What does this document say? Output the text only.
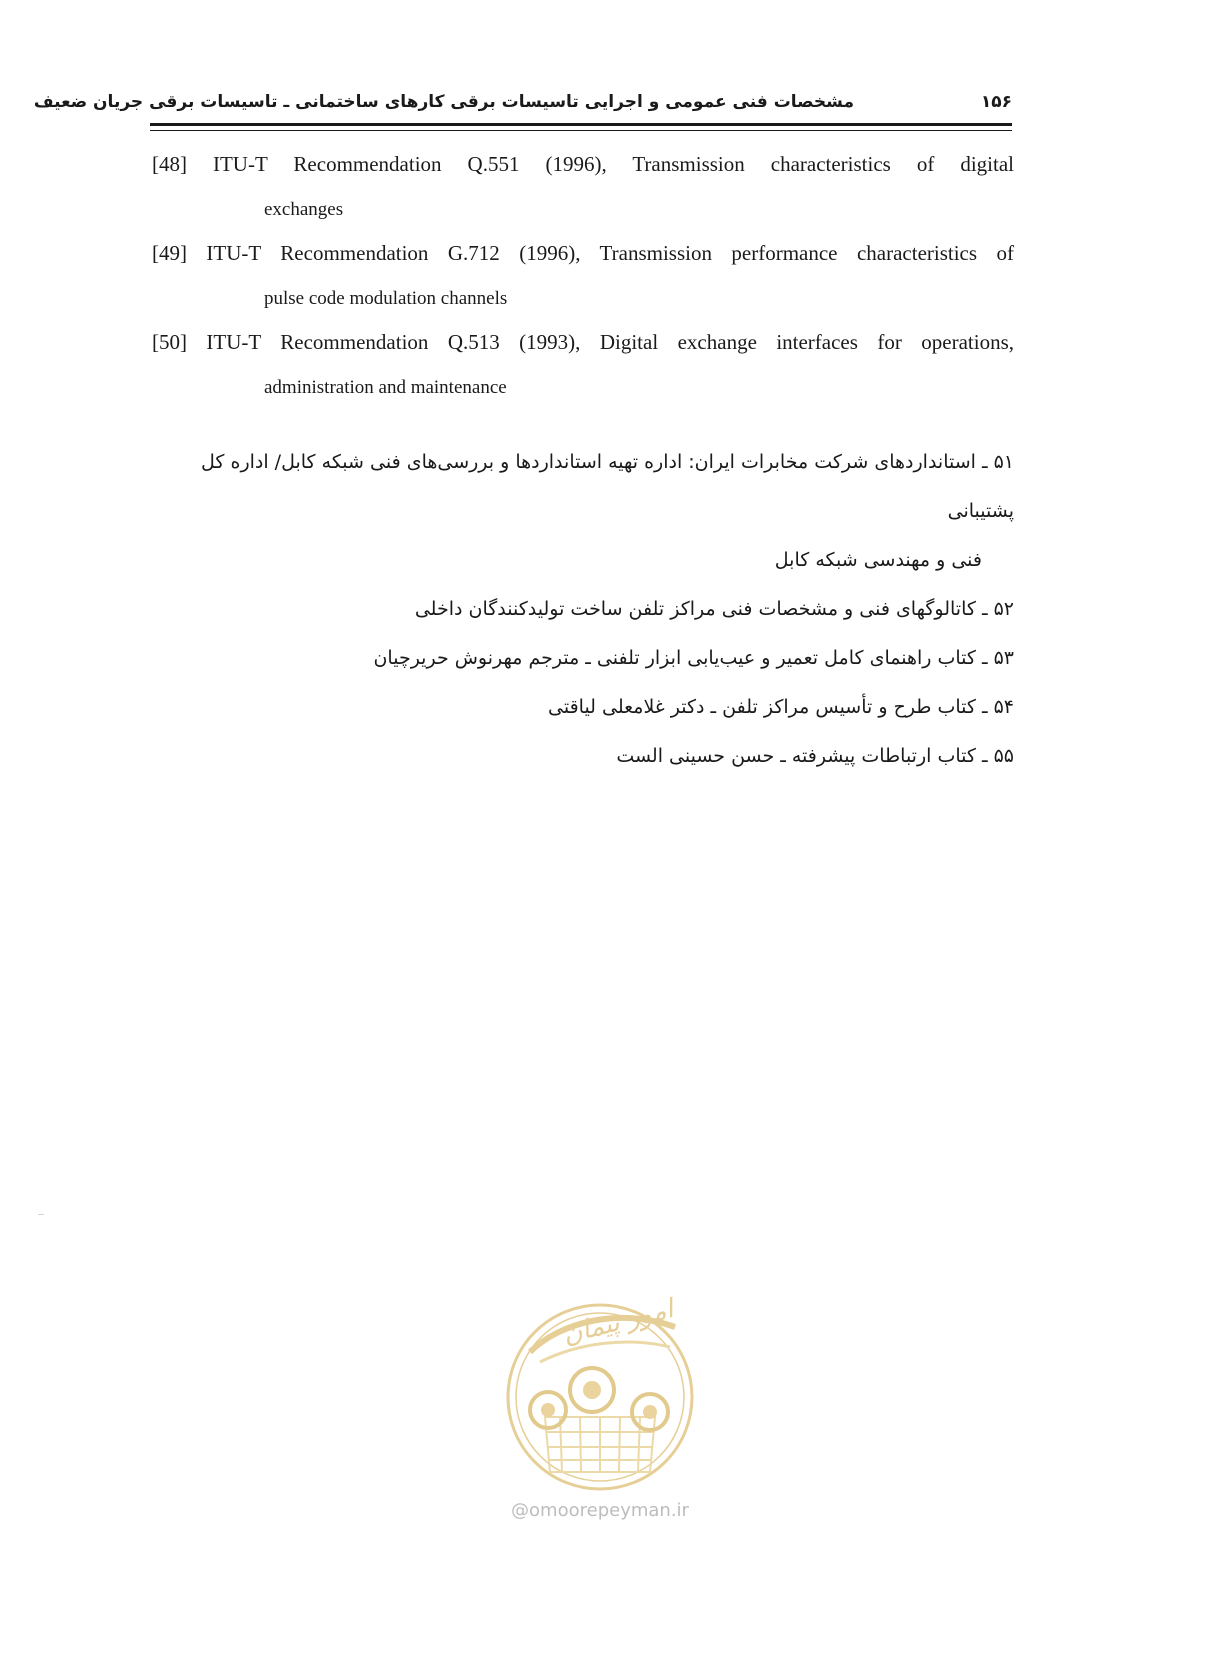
مشخصات فنی عمومی و اجرایی تاسیسات برقی کارهای ساختمانی ـ تاسیسات برقی جریان ضعیف	۱۵۶
[48] ITU-T Recommendation Q.551 (1996), Transmission characteristics of digital
exchanges
[49] ITU-T Recommendation G.712 (1996), Transmission performance characteristics of
pulse code modulation channels
[50] ITU-T Recommendation Q.513 (1993), Digital exchange interfaces for operations,
administration and maintenance

۵۱ ـ استانداردهای شرکت مخابرات ایران: اداره تهیه استانداردها و بررسی‌های فنی شبکه کابل/ اداره کل پشتیبانی
فنی و مهندسی شبکه کابل

۵۲ ـ کاتالوگهای فنی و مشخصات فنی مراکز تلفن ساخت تولیدکنندگان داخلی

۵۳ ـ کتاب راهنمای کامل تعمیر و عیب‌یابی ابزار تلفنی ـ مترجم مهرنوش حریرچیان

۵۴ ـ کتاب طرح و تأسیس مراکز تلفن ـ دکتر غلامعلی لیاقتی

۵۵ ـ کتاب ارتباطات پیشرفته ـ حسن حسینی الست

امور پیمان
@omoorepeyman.ir
